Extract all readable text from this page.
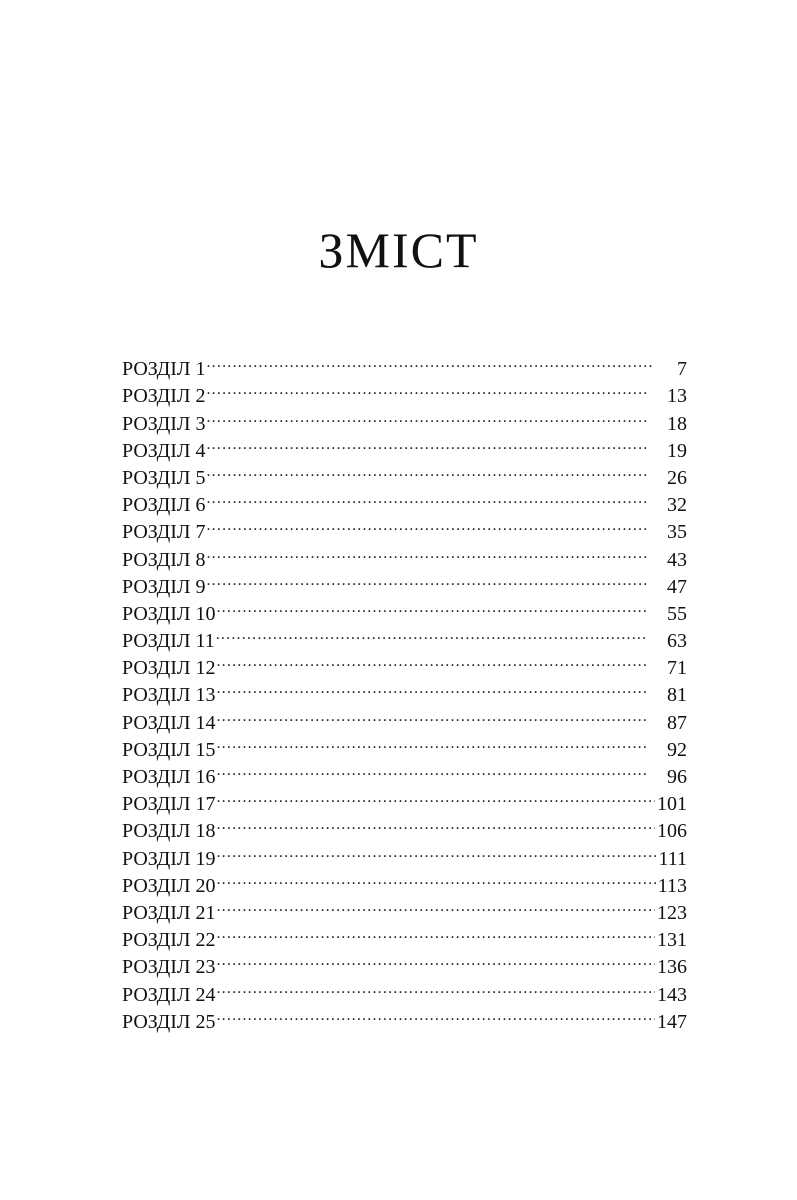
ЗМІСТ
РОЗДІЛ 1 .....	7
РОЗДІЛ 2 .....	13
РОЗДІЛ 3 .....	18
РОЗДІЛ 4 .....	19
РОЗДІЛ 5 .....	26
РОЗДІЛ 6 .....	32
РОЗДІЛ 7 .....	35
РОЗДІЛ 8 .....	43
РОЗДІЛ 9 .....	47
РОЗДІЛ 10 .....	55
РОЗДІЛ 11 .....	63
РОЗДІЛ 12 .....	71
РОЗДІЛ 13 .....	81
РОЗДІЛ 14 .....	87
РОЗДІЛ 15 .....	92
РОЗДІЛ 16 .....	96
РОЗДІЛ 17 .....	101
РОЗДІЛ 18 .....	106
РОЗДІЛ 19 .....	111
РОЗДІЛ 20 .....	113
РОЗДІЛ 21 .....	123
РОЗДІЛ 22 .....	131
РОЗДІЛ 23 .....	136
РОЗДІЛ 24 .....	143
РОЗДІЛ 25 .....	147
